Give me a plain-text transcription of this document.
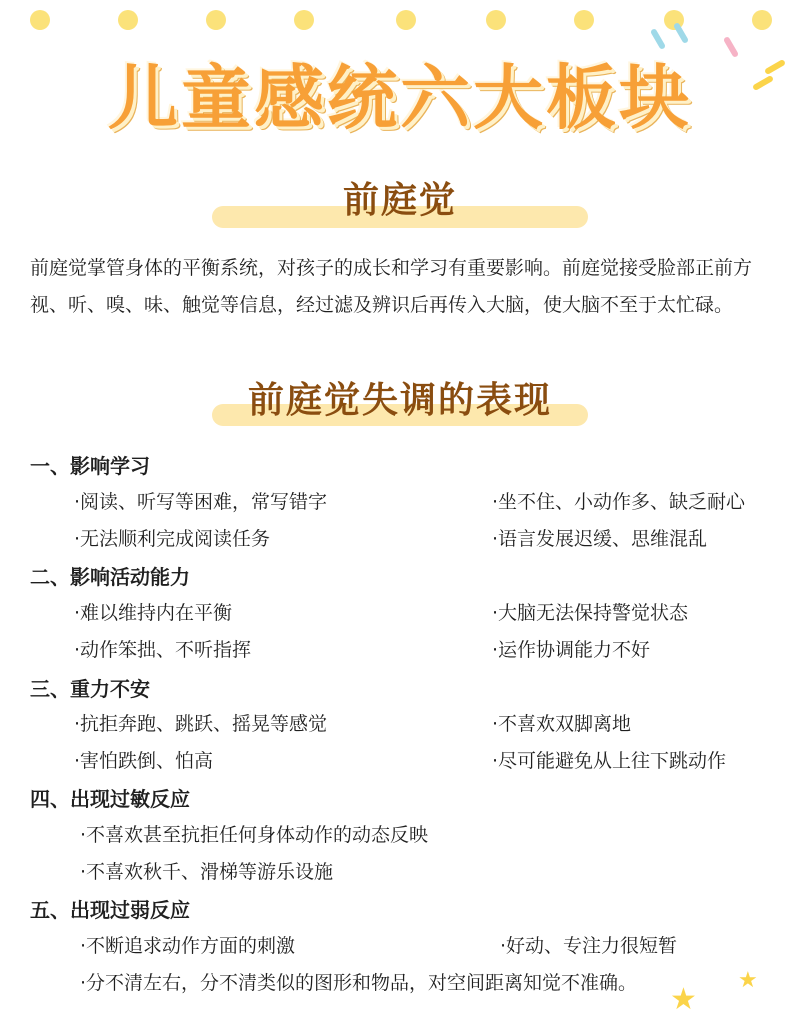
儿童感统六大板块
前庭觉
前庭觉掌管身体的平衡系统，对孩子的成长和学习有重要影响。前庭觉接受脸部正前方视、听、嗅、味、触觉等信息，经过滤及辨识后再传入大脑，使大脑不至于太忙碌。
前庭觉失调的表现
一、影响学习
·阅读、听写等困难，常写错字	·坐不住、小动作多、缺乏耐心
·无法顺利完成阅读任务	·语言发展迟缓、思维混乱
二、影响活动能力
·难以维持内在平衡	·大脑无法保持警觉状态
·动作笨拙、不听指挥	·运作协调能力不好
三、重力不安
·抗拒奔跑、跳跃、摇晃等感觉	·不喜欢双脚离地
·害怕跌倒、怕高	·尽可能避免从上往下跳动作
四、出现过敏反应
·不喜欢甚至抗拒任何身体动作的动态反映
·不喜欢秋千、滑梯等游乐设施
五、出现过弱反应
·不断追求动作方面的刺激	·好动、专注力很短暂
·分不清左右，分不清类似的图形和物品，对空间距离知觉不准确。 ★
★
